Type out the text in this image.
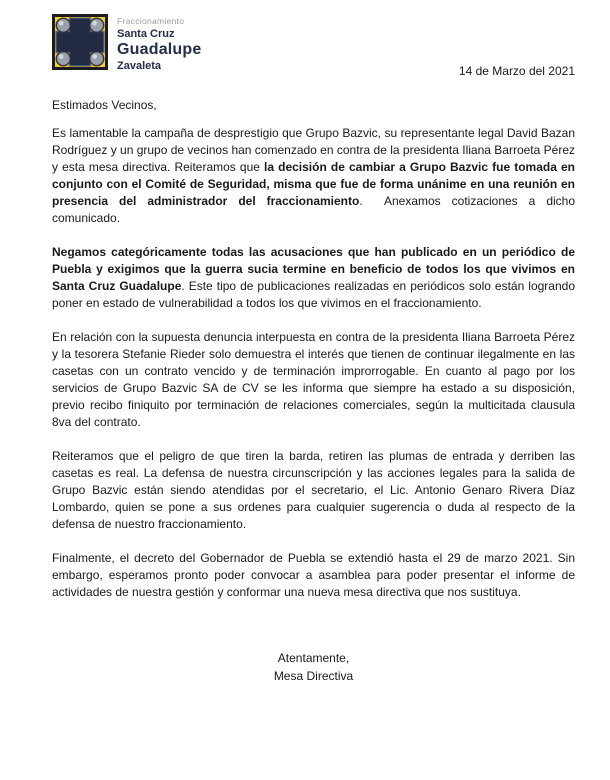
Fraccionamiento
Santa Cruz
Guadalupe
Zavaleta	14 de Marzo del 2021
Estimados Vecinos,
Es lamentable la campaña de desprestigio que Grupo Bazvic, su representante legal David Bazan Rodríguez y un grupo de vecinos han comenzado en contra de la presidenta Iliana Barroeta Pérez y esta mesa directiva. Reiteramos que la decisión de cambiar a Grupo Bazvic fue tomada en conjunto con el Comité de Seguridad, misma que fue de forma unánime en una reunión en presencia del administrador del fraccionamiento.  Anexamos cotizaciones a dicho comunicado.
Negamos categóricamente todas las acusaciones que han publicado en un periódico de Puebla y exigimos que la guerra sucia termine en beneficio de todos los que vivimos en Santa Cruz Guadalupe. Este tipo de publicaciones realizadas en periódicos solo están logrando poner en estado de vulnerabilidad a todos los que vivimos en el fraccionamiento.
En relación con la supuesta denuncia interpuesta en contra de la presidenta Iliana Barroeta Pérez y la tesorera Stefanie Rieder solo demuestra el interés que tienen de continuar ilegalmente en las casetas con un contrato vencido y de terminación improrrogable. En cuanto al pago por los servicios de Grupo Bazvic SA de CV se les informa que siempre ha estado a su disposición, previo recibo finiquito por terminación de relaciones comerciales, según la multicitada clausula 8va del contrato.
Reiteramos que el peligro de que tiren la barda, retiren las plumas de entrada y derriben las casetas es real. La defensa de nuestra circunscripción y las acciones legales para la salida de Grupo Bazvic están siendo atendidas por el secretario, el Lic. Antonio Genaro Rivera Díaz Lombardo, quien se pone a sus ordenes para cualquier sugerencia o duda al respecto de la defensa de nuestro fraccionamiento.
Finalmente, el decreto del Gobernador de Puebla se extendió hasta el 29 de marzo 2021. Sin embargo, esperamos pronto poder convocar a asamblea para poder presentar el informe de actividades de nuestra gestión y conformar una nueva mesa directiva que nos sustituya.
Atentamente,
Mesa Directiva
